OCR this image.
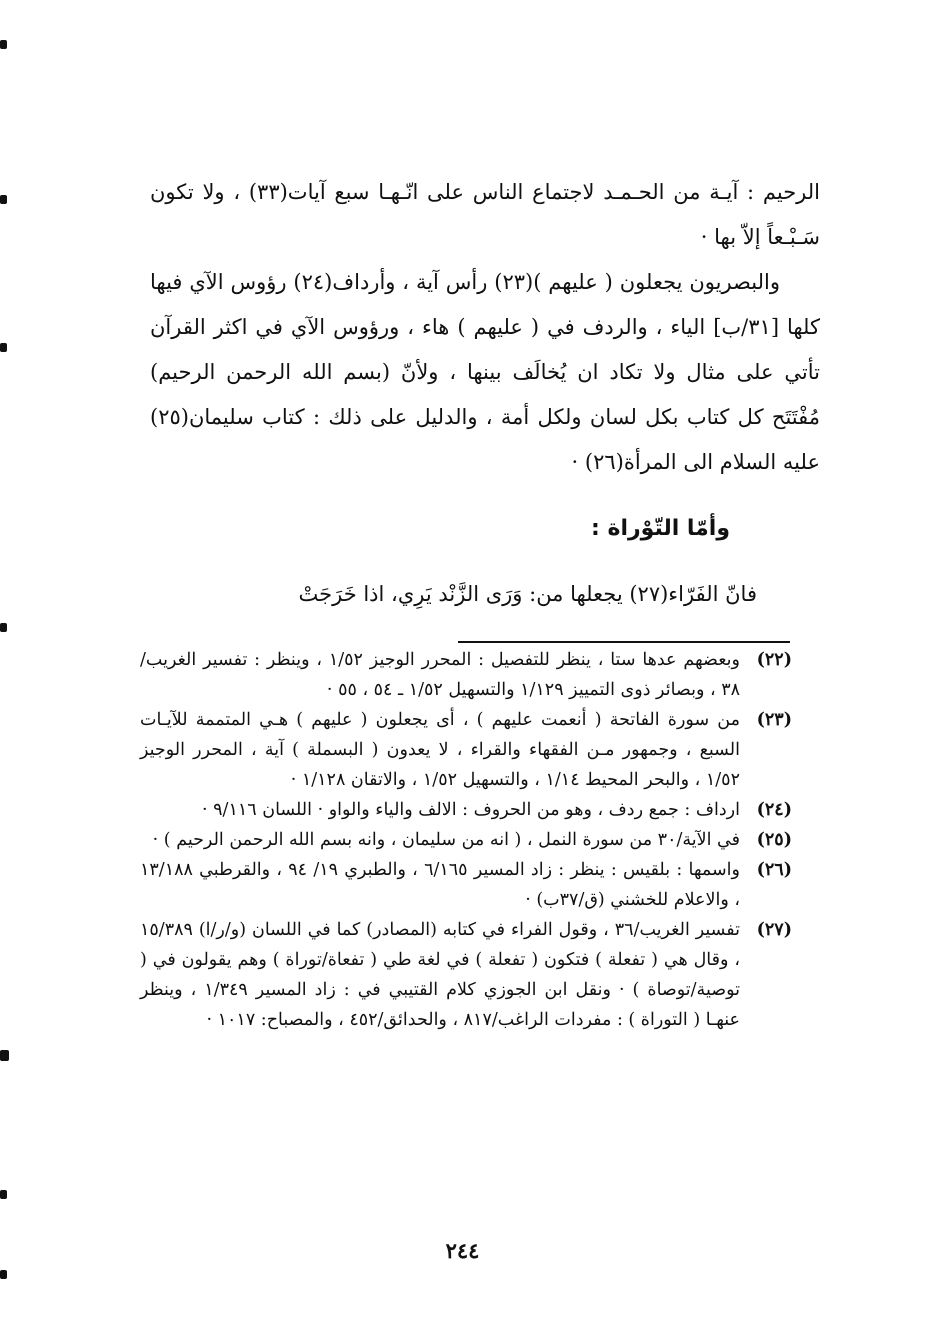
الرحيم : آيـة من الحـمـد لاجتماع الناس على انّـهـا سبع آيات(٣٣) ، ولا تكون سَـبْـعاً إلاّ بها ·

والبصريون يجعلون ( عليهم )(٢٣) رأس آية ، وأرداف(٢٤) رؤوس الآي فيها كلها [٣١/ب] الياء ، والردف في ( عليهم ) هاء ، ورؤوس الآي في اكثر القرآن تأتي على مثال ولا تكاد ان يُخالَف بينها ، ولأنّ (بسم الله الرحمن الرحيم) مُفْتَتَح كل كتاب بكل لسان ولكل أمة ، والدليل على ذلك : كتاب سليمان(٢٥) عليه السلام الى المرأة(٢٦) ·

وأمّا التّوْراة :
فانّ الفَرّاء(٢٧) يجعلها من: وَرَى الزَّنْد يَرِي، اذا خَرَجَتْ
(٢٢)
وبعضهم عدها ستا ، ينظر للتفصيل : المحرر الوجيز ١/٥٢ ، وينظر : تفسير الغريب/٣٨ ، وبصائر ذوى التمييز ١/١٢٩ والتسهيل ١/٥٢ ـ ٥٤ ، ٥٥ ·
(٢٣)
من سورة الفاتحة ( أنعمت عليهم ) ، أى يجعلون ( عليهم ) هـي المتممة للآيـات السبع ، وجمهور مـن الفقهاء والقراء ، لا يعدون ( البسملة ) آية ، المحرر الوجيز ١/٥٢ ، والبحر المحيط ١/١٤ ، والتسهيل ١/٥٢ ، والاتقان ١/١٢٨ ·
(٢٤)
ارداف : جمع ردف ، وهو من الحروف : الالف والياء والواو · اللسان ٩/١١٦ ·
(٢٥)
في الآية/٣٠ من سورة النمل ، ( انه من سليمان ، وانه بسم الله الرحمن الرحيم ) ·
(٢٦)
واسمها : بلقيس : ينظر : زاد المسير ٦/١٦٥ ، والطبري ١٩/ ٩٤ ، والقرطبي ١٣/١٨٨ ، والاعلام للخشني (ق/٣٧ب) ·
(٢٧)
تفسير الغريب/٣٦ ، وقول الفراء في كتابه (المصادر) كما في اللسان (و/ر/ا) ١٥/٣٨٩ ، وقال هي ( تفعلة ) فتكون ( تفعلة ) في لغة طي ( تفعاة/توراة ) وهم يقولون في ( توصية/توصاة ) · ونقل ابن الجوزي كلام القتيبي في : زاد المسير ١/٣٤٩ ، وينظر عنهـا ( التوراة ) : مفردات الراغب/٨١٧ ، والحدائق/٤٥٢ ، والمصباح: ١٠١٧ ·
٢٤٤
